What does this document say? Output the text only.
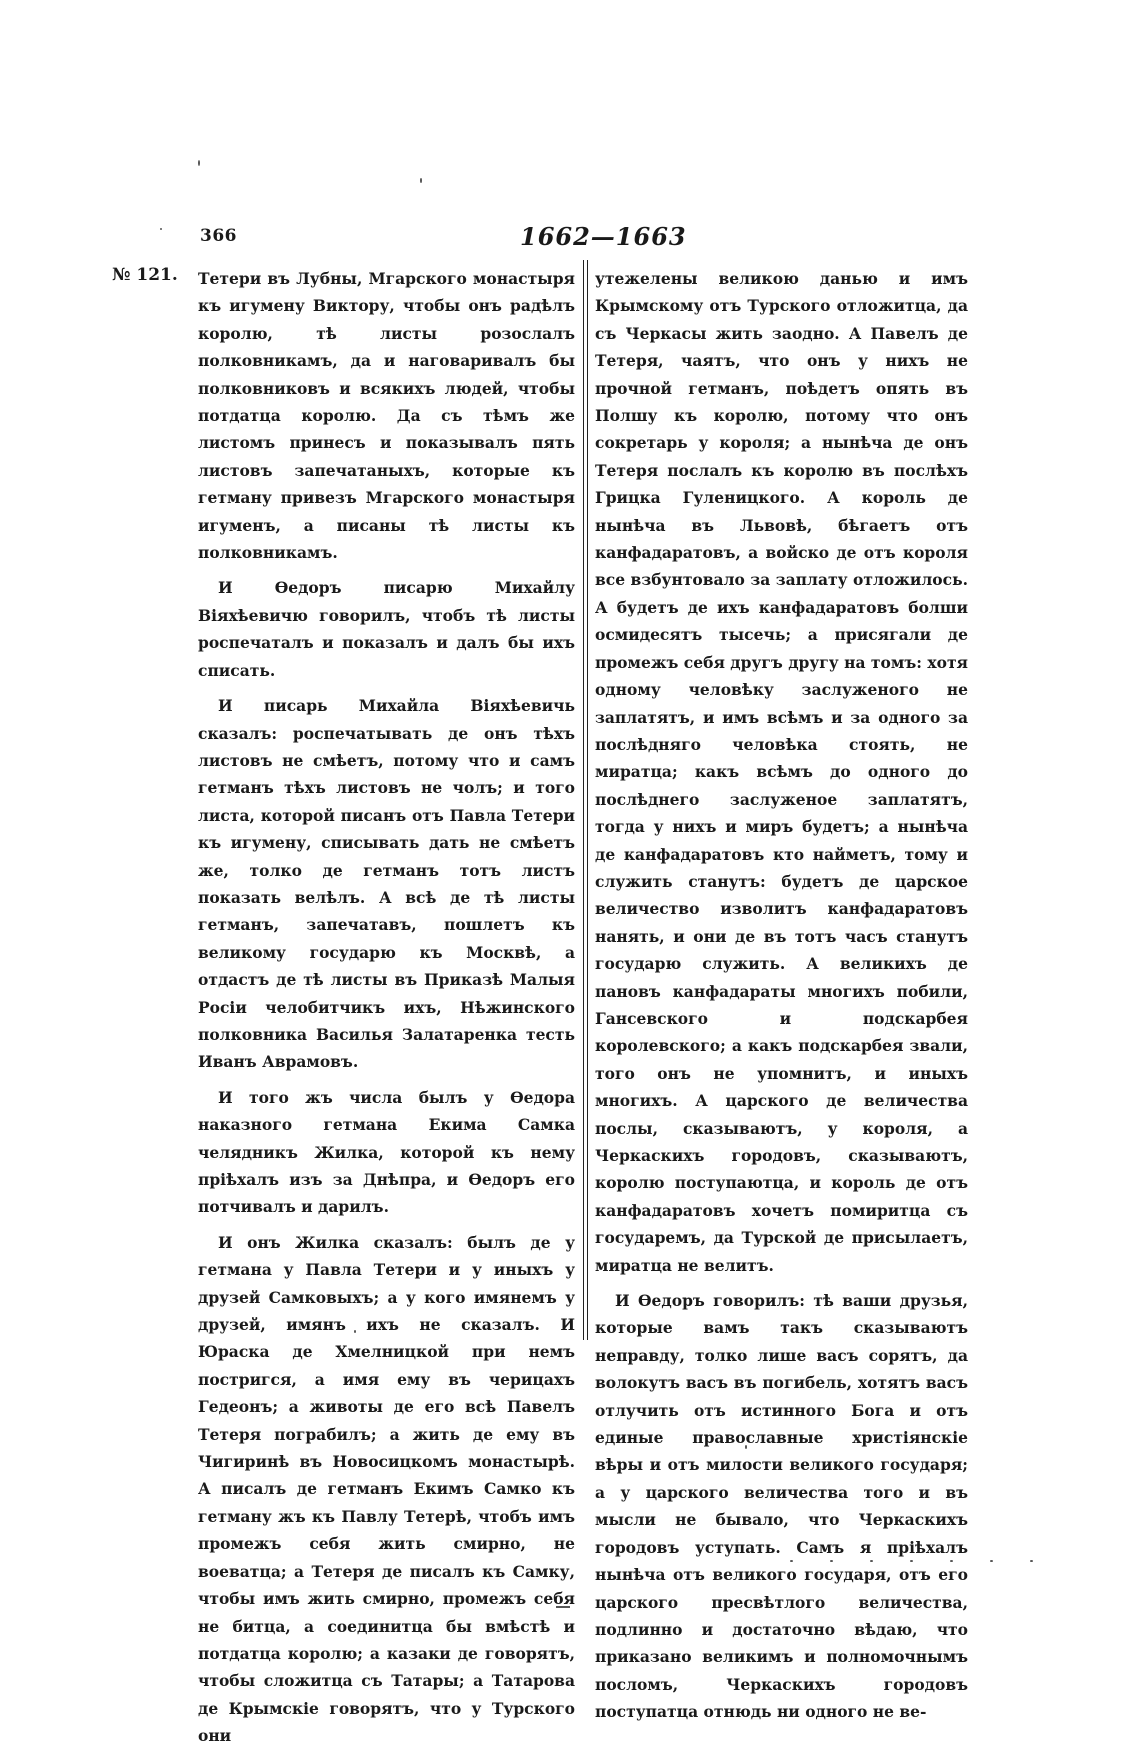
366	1662—1663
№ 121. Тетери въ Лубны, Мгарского монастыря къ игумену Виктору, чтобы онъ радѣлъ королю, тѣ листы розослалъ полковникамъ, да и наговаривалъ бы полковниковъ и всякихъ людей, чтобы потдатца королю. Да съ тѣмъ же листомъ принесъ и показывалъ пять листовъ запечатаныхъ, которые къ гетману привезъ Мгарского монастыря игуменъ, а писаны тѣ листы къ полковникамъ.

И Өедоръ писарю Михайлу Віяхѣевичю говорилъ, чтобъ тѣ листы роспечаталъ и показалъ и далъ бы ихъ списать.

И писарь Михайла Віяхѣевичь сказалъ: роспечатывать де онъ тѣхъ листовъ не смѣетъ, потому что и самъ гетманъ тѣхъ листовъ не чолъ; и того листа, которой писанъ отъ Павла Тетери къ игумену, списывать дать не смѣетъ же, толко де гетманъ тотъ листъ показать велѣлъ. А всѣ де тѣ листы гетманъ, запечатавъ, пошлетъ къ великому государю къ Москвѣ, а отдастъ де тѣ листы въ Приказѣ Малыя Росіи челобитчикъ ихъ, Нѣжинского полковника Василья Залатаренка тесть Иванъ Аврамовъ.

И того жъ числа былъ у Өедора наказного гетмана Екима Самка челядникъ Жилка, которой къ нему пріѣхалъ изъ за Днѣпра, и Өедоръ его потчивалъ и дарилъ.

И онъ Жилка сказалъ: былъ де у гетмана у Павла Тетери и у иныхъ у друзей Самковыхъ; а у кого имянемъ у друзей, имянъ ихъ не сказалъ. И Юраска де Хмелницкой при немъ постригся, а имя ему въ черицахъ Гедеонъ; а животы де его всѣ Павелъ Тетеря пограбилъ; а жить де ему въ Чигиринѣ въ Новосицкомъ монастырѣ. А писалъ де гетманъ Екимъ Самко къ гетману жъ къ Павлу Тетерѣ, чтобъ имъ промежъ себя жить смирно, не воеватца; а Тетеря де писалъ къ Самку, чтобы имъ жить смирно, промежъ себя не битца, а соединитца бы вмѣстѣ и потдатца королю; а казаки де говорятъ, чтобы сложитца съ Татары; а Татарова де Крымскіе говорятъ, что у Турского они

утежелены великою данью и имъ Крымскому отъ Турского отложитца, да съ Черкасы жить заодно. А Павелъ де Тетеря, чаятъ, что онъ у нихъ не прочной гетманъ, поѣдетъ опять въ Полшу къ королю, потому что онъ сокретарь у короля; а нынѣча де онъ Тетеря послалъ къ королю въ послѣхъ Грицка Гуленицкого. А король де нынѣча въ Львовѣ, бѣгаетъ отъ канфадаратовъ, а войско де отъ короля все взбунтовало за заплату отложилось. А будетъ де ихъ канфадаратовъ болши осмидесятъ тысечь; а присягали де промежъ себя другъ другу на томъ: хотя одному человѣку заслуженого не заплатятъ, и имъ всѣмъ и за одного за послѣдняго человѣка стоять, не миратца; какъ всѣмъ до одного до послѣднего заслуженое заплатятъ, тогда у нихъ и миръ будетъ; а нынѣча де канфадаратовъ кто наймeтъ, тому и служить станутъ: будетъ де царское величество изволитъ канфадаратовъ нанять, и они де въ тотъ часъ станутъ государю служить. А великихъ де пановъ канфадараты многихъ побили, Гансевского и подскарбея королевского; а какъ подскарбея звали, того онъ не упомнитъ, и иныхъ многихъ. А царского де величества послы, сказываютъ, у короля, а Черкаскихъ городовъ, сказываютъ, королю поступаютца, и король де отъ канфадаратовъ хочетъ помиритца съ государемъ, да Турской де присылаетъ, миратца не велитъ.

И Өедоръ говорилъ: тѣ ваши друзья, которые вамъ такъ сказываютъ неправду, толко лише васъ сорятъ, да волокутъ васъ въ погибель, хотятъ васъ отлучить отъ истинного Бога и отъ единые православные христіянскіе вѣры и отъ милости великого государя; а у царского величества того и въ мысли не бывало, что Черкаскихъ городовъ уступать. Самъ я пріѣхалъ нынѣча отъ великого государя, отъ его царского пресвѣтлого величества, подлинно и достаточно вѣдаю, что приказано великимъ и полномочнымъ посломъ, Черкаскихъ городовъ поступатца отнюдь ни одного не ве-
